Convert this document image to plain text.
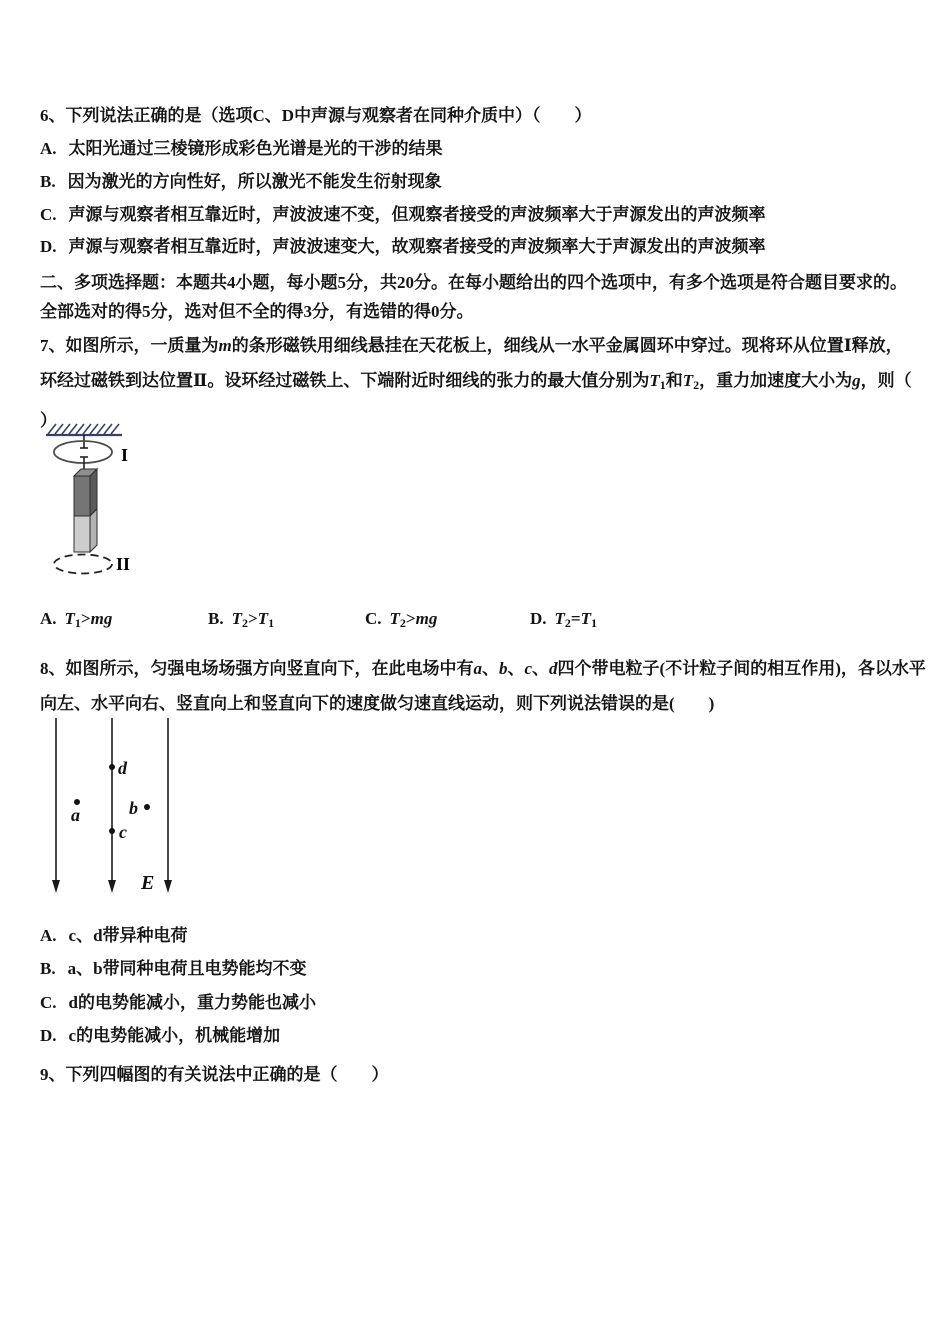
6、下列说法正确的是（选项C、D中声源与观察者在同种介质中）（　　）
A. 太阳光通过三棱镜形成彩色光谱是光的干涉的结果
B. 因为激光的方向性好，所以激光不能发生衍射现象
C. 声源与观察者相互靠近时，声波波速不变，但观察者接受的声波频率大于声源发出的声波频率
D. 声源与观察者相互靠近时，声波波速变大，故观察者接受的声波频率大于声源发出的声波频率
二、多项选择题：本题共4小题，每小题5分，共20分。在每小题给出的四个选项中，有多个选项是符合题目要求的。
全部选对的得5分，选对但不全的得3分，有选错的得0分。
7、如图所示，一质量为m的条形磁铁用细线悬挂在天花板上，细线从一水平金属圆环中穿过。现将环从位置Ⅰ释放，
环经过磁铁到达位置Ⅱ。设环经过磁铁上、下端附近时细线的张力的最大值分别为$T_1$和$T_2$，重力加速度大小为g，则（
）
I
II
A. $T_1>mg$	B. $T_2>T_1$	C. $T_2>mg$	D. $T_2=T_1$
8、如图所示，匀强电场场强方向竖直向下，在此电场中有a、b、c、d四个带电粒子(不计粒子间的相互作用)，各以水平
向左、水平向右、竖直向上和竖直向下的速度做匀速直线运动，则下列说法错误的是(　　)
d
a	b
c
E
A. c、d带异种电荷
B. a、b带同种电荷且电势能均不变
C. d的电势能减小，重力势能也减小
D. c的电势能减小，机械能增加
9、下列四幅图的有关说法中正确的是（　　）
